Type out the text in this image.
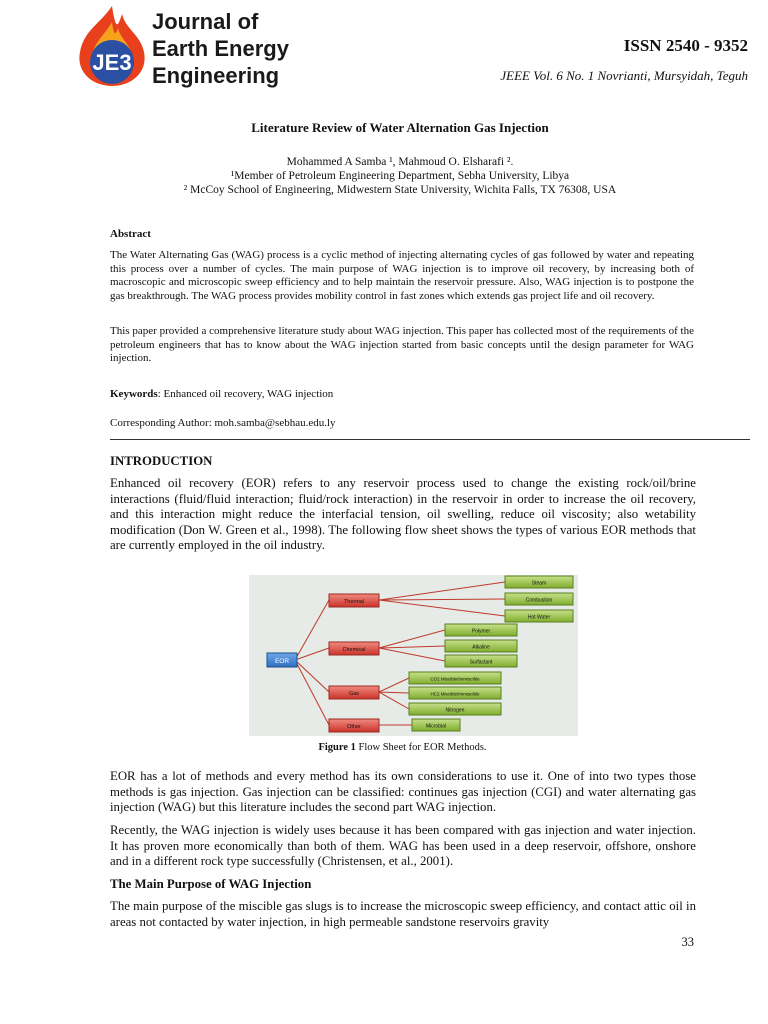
JE3
Journal of
Earth Energy
Engineering
ISSN 2540 - 9352
JEEE Vol. 6 No. 1 Novrianti, Mursyidah, Teguh
Literature Review of Water Alternation Gas Injection
Mohammed A Samba ¹, Mahmoud O. Elsharafi ².
¹Member of Petroleum Engineering Department, Sebha University, Libya
² McCoy School of Engineering, Midwestern State University, Wichita Falls, TX 76308, USA
Abstract
The Water Alternating Gas (WAG) process is a cyclic method of injecting alternating cycles of gas followed by water and repeating this process over a number of cycles. The main purpose of WAG injection is to improve oil recovery, by increasing both of macroscopic and microscopic sweep efficiency and to help maintain the reservoir pressure. Also, WAG injection is to postpone the gas breakthrough. The WAG process provides mobility control in fast zones which extends gas project life and oil recovery.
This paper provided a comprehensive literature study about WAG injection. This paper has collected most of the requirements of the petroleum engineers that has to know about the WAG injection started from basic concepts until the design parameter for WAG injection.
Keywords: Enhanced oil recovery, WAG injection
Corresponding Author: moh.samba@sebhau.edu.ly
INTRODUCTION
Enhanced oil recovery (EOR) refers to any reservoir process used to change the existing rock/oil/brine interactions (fluid/fluid interaction; fluid/rock interaction) in the reservoir in order to increase the oil recovery, and this interaction might reduce the interfacial tension, oil swelling, reduce oil viscosity; also wetability modification (Don W. Green et al., 1998). The following flow sheet shows the types of various EOR methods that are currently employed in the oil industry.
EOR
Thermal
Chemical
Gas
Other
Steam
Combustion
Hot Water
Polymer
Alkaline
Surfactant
CO2 Miscible/Immiscible
HC2 Miscible/Immiscible
Nitrogen
Microbial
Figure 1 Flow Sheet for EOR Methods.
EOR has a lot of methods and every method has its own considerations to use it. One of into two types those methods is gas injection. Gas injection can be classified: continues gas injection (CGI) and water alternating gas injection (WAG) but this literature includes the second part WAG injection.
Recently, the WAG injection is widely uses because it has been compared with gas injection and water injection. It has proven more economically than both of them. WAG has been used in a deep reservoir, offshore, onshore and in a different rock type successfully (Christensen, et al., 2001).
The Main Purpose of WAG Injection
The main purpose of the miscible gas slugs is to increase the microscopic sweep efficiency, and contact attic oil in areas not contacted by water injection, in high permeable sandstone reservoirs gravity
33
